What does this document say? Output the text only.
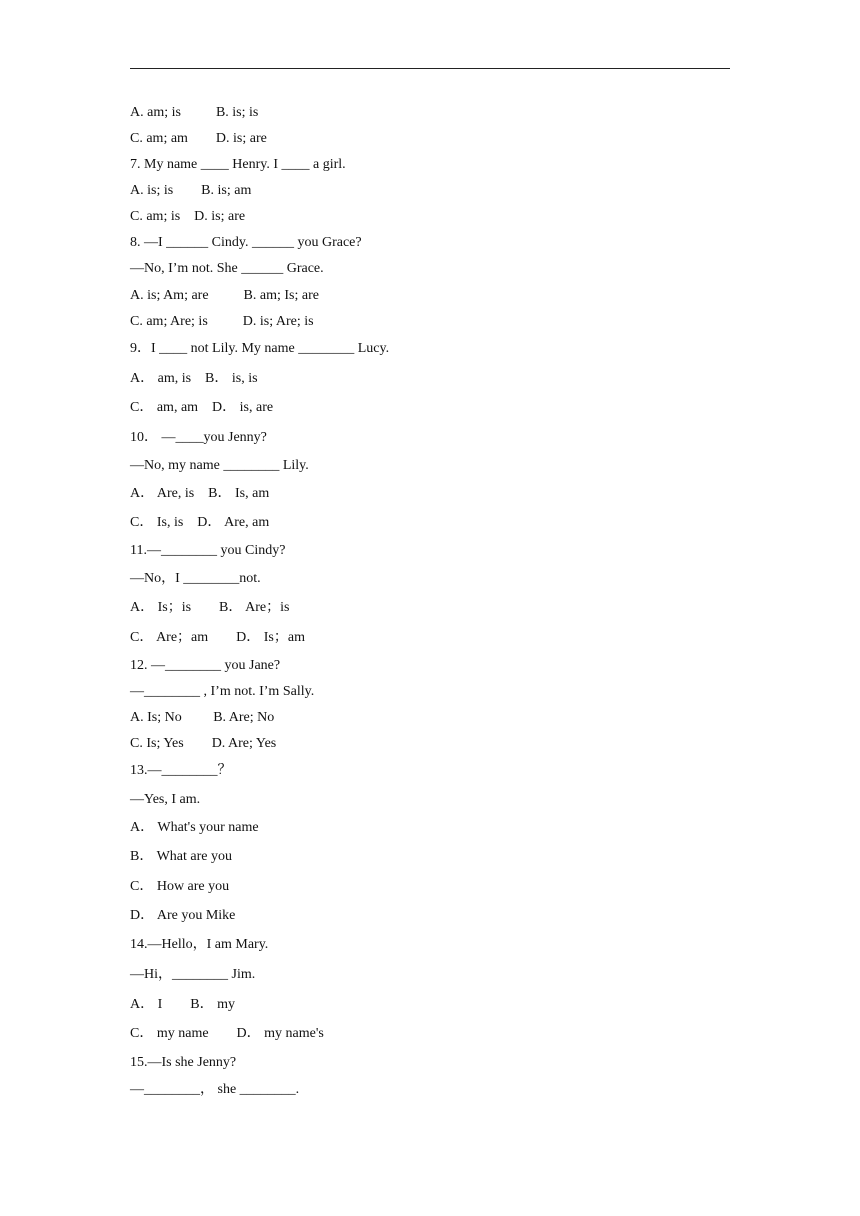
A. am; is          B. is; is
C. am; am        D. is; are
7. My name ____ Henry. I ____ a girl.
A. is; is        B. is; am
C. am; is    D. is; are
8. —I ______ Cindy. ______ you Grace?
—No, I’m not. She ______ Grace.
A. is; Am; are          B. am; Is; are
C. am; Are; is          D. is; Are; is
9．I ____ not Lily. My name ________ Lucy.
A． am, is    B． is, is
C． am, am    D． is, are
10． —____you Jenny?
—No, my name ________ Lily.
A． Are, is    B． Is, am
C． Is, is    D． Are, am
11.—________ you Cindy?
—No，I ________not.
A． Is；is        B． Are；is
C． Are；am        D． Is；am
12. —________ you Jane?
—________ , I’m not. I’m Sally.
A. Is; No         B. Are; No
C. Is; Yes        D. Are; Yes
13.—________？
—Yes, I am.
A． What's your name
B． What are you
C． How are you
D． Are you Mike
14.—Hello，I am Mary.
—Hi，________ Jim.
A． I        B． my
C． my name        D． my name's
15.—Is she Jenny?
—________， she ________.
